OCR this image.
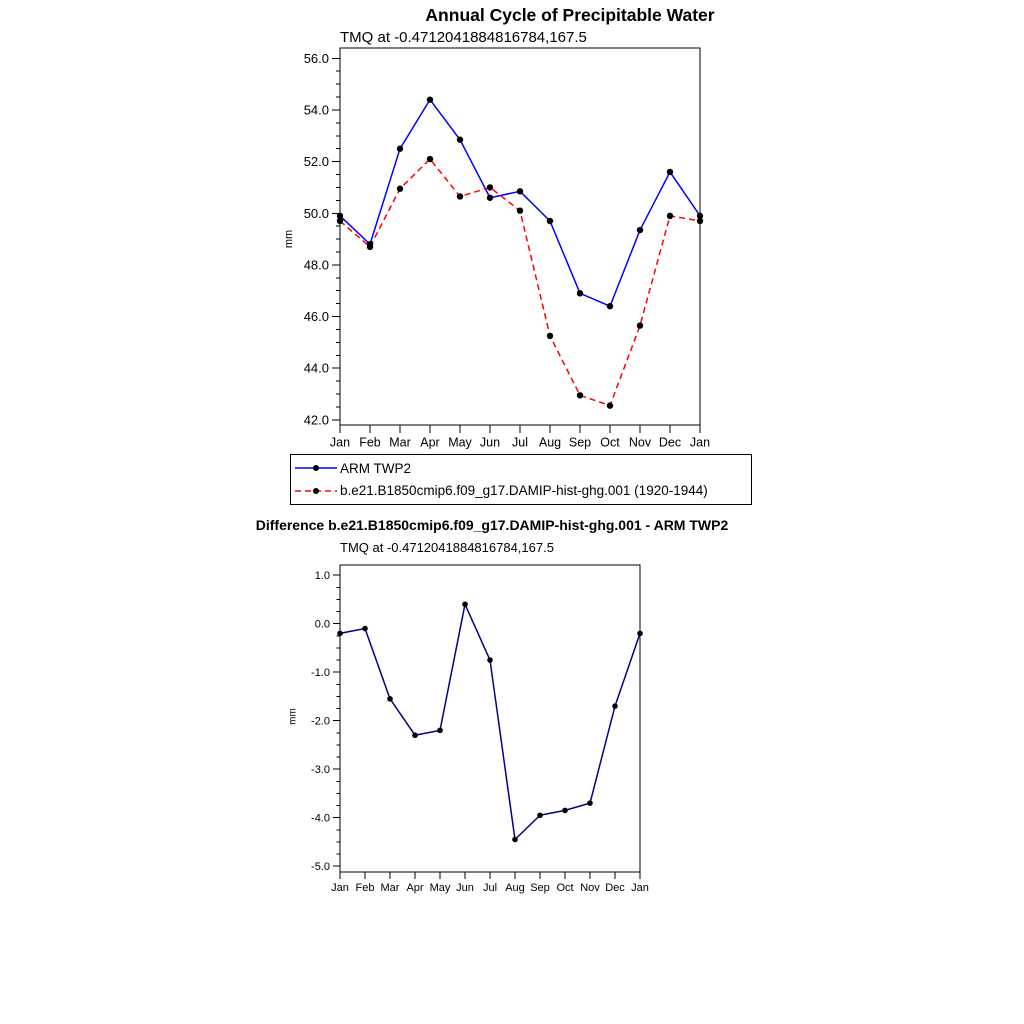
Annual Cycle of Precipitable Water
TMQ at -0.4712041884816784,167.5
mm
42.0
44.0
46.0
48.0
50.0
52.0
54.0
56.0
Jan Feb Mar Apr May Jun Jul Aug Sep Oct Nov Dec Jan
ARM TWP2
b.e21.B1850cmip6.f09_g17.DAMIP-hist-ghg.001 (1920-1944)
Difference b.e21.B1850cmip6.f09_g17.DAMIP-hist-ghg.001 - ARM TWP2
TMQ at -0.4712041884816784,167.5
mm
-5.0
-4.0
-3.0
-2.0
-1.0
0.0
1.0
Jan Feb Mar Apr May Jun Jul Aug Sep Oct Nov Dec Jan
